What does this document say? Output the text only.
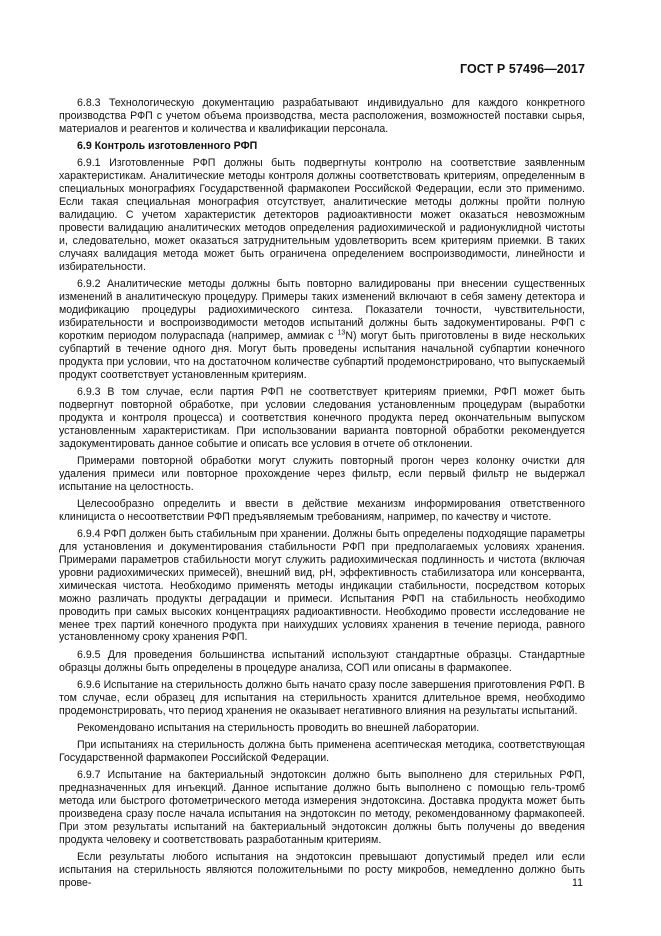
ГОСТ Р 57496—2017

6.8.3 Технологическую документацию разрабатывают индивидуально для каждого конкретного производства РФП с учетом объема производства, места расположения, возможностей поставки сырья, материалов и реагентов и количества и квалификации персонала.

6.9 Контроль изготовленного РФП

6.9.1 Изготовленные РФП должны быть подвергнуты контролю на соответствие заявленным характеристикам. Аналитические методы контроля должны соответствовать критериям, определенным в специальных монографиях Государственной фармакопеи Российской Федерации, если это применимо. Если такая специальная монография отсутствует, аналитические методы должны пройти полную валидацию. С учетом характеристик детекторов радиоактивности может оказаться невозможным провести валидацию аналитических методов определения радиохимической и радионуклидной чистоты и, следовательно, может оказаться затруднительным удовлетворить всем критериям приемки. В таких случаях валидация метода может быть ограничена определением воспроизводимости, линейности и избирательности.

6.9.2 Аналитические методы должны быть повторно валидированы при внесении существенных изменений в аналитическую процедуру. Примеры таких изменений включают в себя замену детектора и модификацию процедуры радиохимического синтеза. Показатели точности, чувствительности, избирательности и воспроизводимости методов испытаний должны быть задокументированы. РФП с коротким периодом полураспада (например, аммиак с $^{13}$N) могут быть приготовлены в виде нескольких субпартий в течение одного дня. Могут быть проведены испытания начальной субпартии конечного продукта при условии, что на достаточном количестве субпартий продемонстрировано, что выпускаемый продукт соответствует установленным критериям.

6.9.3 В том случае, если партия РФП не соответствует критериям приемки, РФП может быть подвергнут повторной обработке, при условии следования установленным процедурам (выработки продукта и контроля процесса) и соответствия конечного продукта перед окончательным выпуском установленным характеристикам. При использовании варианта повторной обработки рекомендуется задокументировать данное событие и описать все условия в отчете об отклонении.

Примерами повторной обработки могут служить повторный прогон через колонку очистки для удаления примеси или повторное прохождение через фильтр, если первый фильтр не выдержал испытание на целостность.

Целесообразно определить и ввести в действие механизм информирования ответственного клинициста о несоответствии РФП предъявляемым требованиям, например, по качеству и чистоте.

6.9.4 РФП должен быть стабильным при хранении. Должны быть определены подходящие параметры для установления и документирования стабильности РФП при предполагаемых условиях хранения. Примерами параметров стабильности могут служить радиохимическая подлинность и чистота (включая уровни радиохимических примесей), внешний вид, pH, эффективность стабилизатора или консерванта, химическая чистота. Необходимо применять методы индикации стабильности, посредством которых можно различать продукты деградации и примеси. Испытания РФП на стабильность необходимо проводить при самых высоких концентрациях радиоактивности. Необходимо провести исследование не менее трех партий конечного продукта при наихудших условиях хранения в течение периода, равного установленному сроку хранения РФП.

6.9.5 Для проведения большинства испытаний используют стандартные образцы. Стандартные образцы должны быть определены в процедуре анализа, СОП или описаны в фармакопее.

6.9.6 Испытание на стерильность должно быть начато сразу после завершения приготовления РФП. В том случае, если образец для испытания на стерильность хранится длительное время, необходимо продемонстрировать, что период хранения не оказывает негативного влияния на результаты испытаний.

Рекомендовано испытания на стерильность проводить во внешней лаборатории.

При испытаниях на стерильность должна быть применена асептическая методика, соответствующая Государственной фармакопеи Российской Федерации.

6.9.7 Испытание на бактериальный эндотоксин должно быть выполнено для стерильных РФП, предназначенных для инъекций. Данное испытание должно быть выполнено с помощью гель-тромб метода или быстрого фотометрического метода измерения эндотоксина. Доставка продукта может быть произведена сразу после начала испытания на эндотоксин по методу, рекомендованному фармакопеей. При этом результаты испытаний на бактериальный эндотоксин должны быть получены до введения продукта человеку и соответствовать разработанным критериям.

Если результаты любого испытания на эндотоксин превышают допустимый предел или если испытания на стерильность являются положительными по росту микробов, немедленно должно быть прове-	11
